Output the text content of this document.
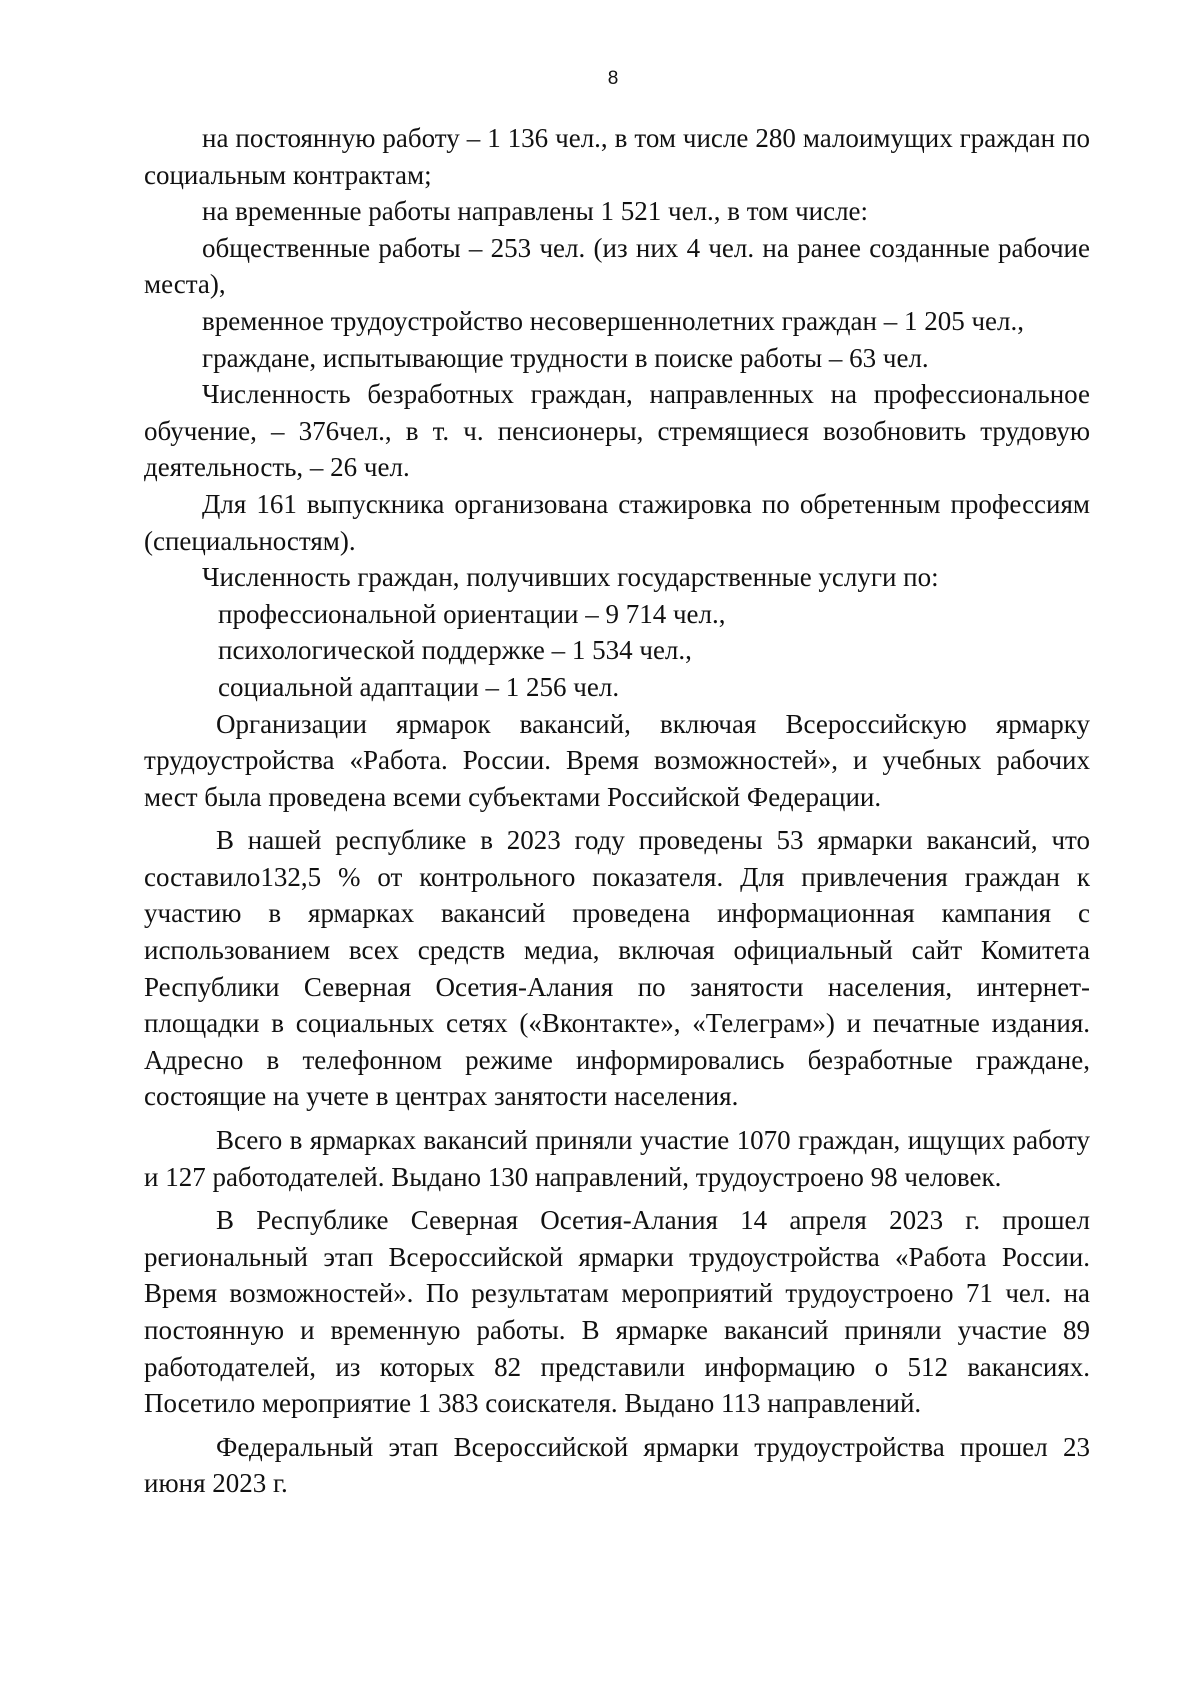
8

на постоянную работу – 1 136 чел., в том числе 280 малоимущих граждан по социальным контрактам;

на временные работы направлены 1 521 чел., в том числе:

общественные работы – 253 чел. (из них 4 чел. на ранее созданные рабочие места),

временное трудоустройство несовершеннолетних граждан – 1 205 чел.,

граждане, испытывающие трудности в поиске работы – 63 чел.

Численность безработных граждан, направленных на профессиональное обучение, – 376чел., в т. ч. пенсионеры, стремящиеся возобновить трудовую деятельность, – 26 чел.

Для 161 выпускника организована стажировка по обретенным профессиям (специальностям).

Численность граждан, получивших государственные услуги по:

профессиональной ориентации – 9 714 чел.,

психологической поддержке – 1 534 чел.,

социальной адаптации – 1 256 чел.

Организации ярмарок вакансий, включая Всероссийскую ярмарку трудоустройства «Работа. России. Время возможностей», и учебных рабочих мест была проведена всеми субъектами Российской Федерации.

В нашей республике в 2023 году проведены 53 ярмарки вакансий, что составило132,5 % от контрольного показателя. Для привлечения граждан к участию в ярмарках вакансий проведена информационная кампания с использованием всех средств медиа, включая официальный сайт Комитета Республики Северная Осетия-Алания по занятости населения, интернет-площадки в социальных сетях («Вконтакте», «Телеграм») и печатные издания. Адресно в телефонном режиме информировались безработные граждане, состоящие на учете в центрах занятости населения.

Всего в ярмарках вакансий приняли участие 1070 граждан, ищущих работу и 127 работодателей. Выдано 130 направлений, трудоустроено 98 человек.

В Республике Северная Осетия-Алания 14 апреля 2023 г. прошел региональный этап Всероссийской ярмарки трудоустройства «Работа России. Время возможностей». По результатам мероприятий трудоустроено 71 чел. на постоянную и временную работы. В ярмарке вакансий приняли участие 89 работодателей, из которых 82 представили информацию о 512 вакансиях. Посетило мероприятие 1 383 соискателя. Выдано 113 направлений.

Федеральный этап Всероссийской ярмарки трудоустройства прошел 23 июня 2023 г.
